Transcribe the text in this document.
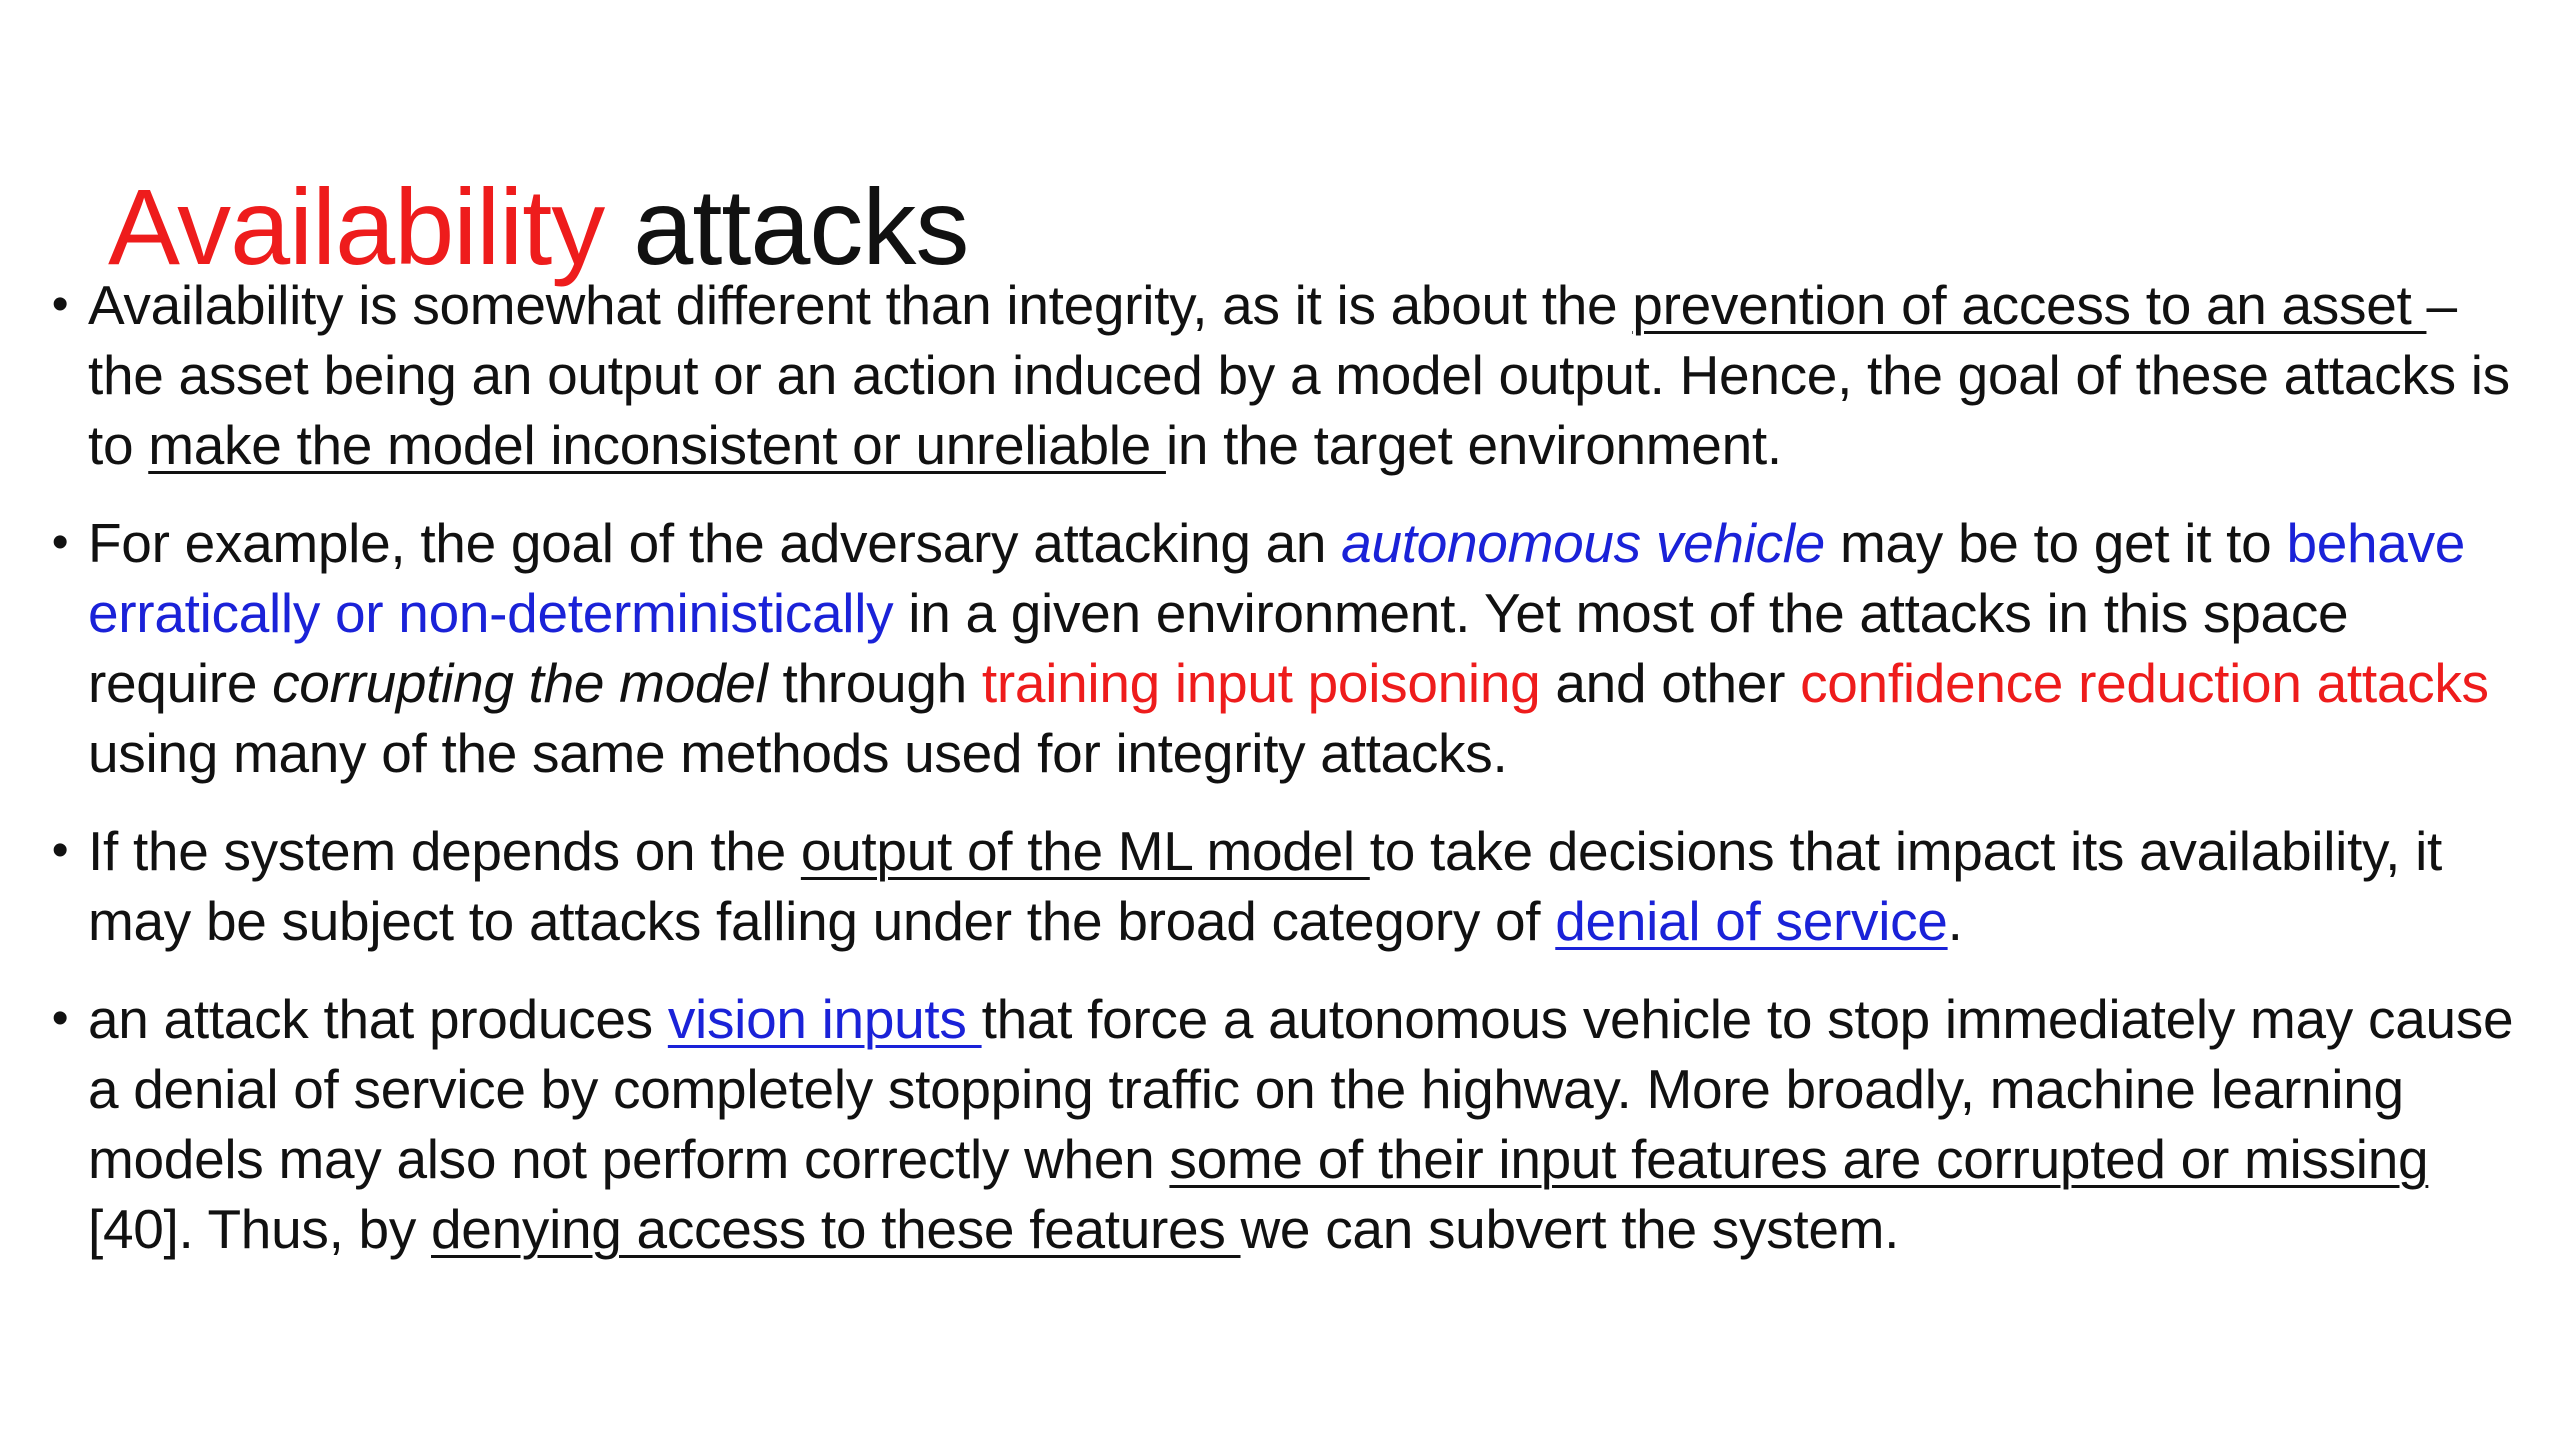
Availability attacks
• Availability is somewhat different than integrity, as it is about the prevention of access to an asset – the asset being an output or an action induced by a model output. Hence, the goal of these attacks is to make the model inconsistent or unreliable in the target environment.
• For example, the goal of the adversary attacking an autonomous vehicle may be to get it to behave erratically or non-deterministically in a given environment. Yet most of the attacks in this space require corrupting the model through training input poisoning and other confidence reduction attacks using many of the same methods used for integrity attacks.
• If the system depends on the output of the ML model to take decisions that impact its availability, it may be subject to attacks falling under the broad category of denial of service.
• an attack that produces vision inputs that force a autonomous vehicle to stop immediately may cause a denial of service by completely stopping traffic on the highway. More broadly, machine learning models may also not perform correctly when some of their input features are corrupted or missing [40]. Thus, by denying access to these features we can subvert the system.
